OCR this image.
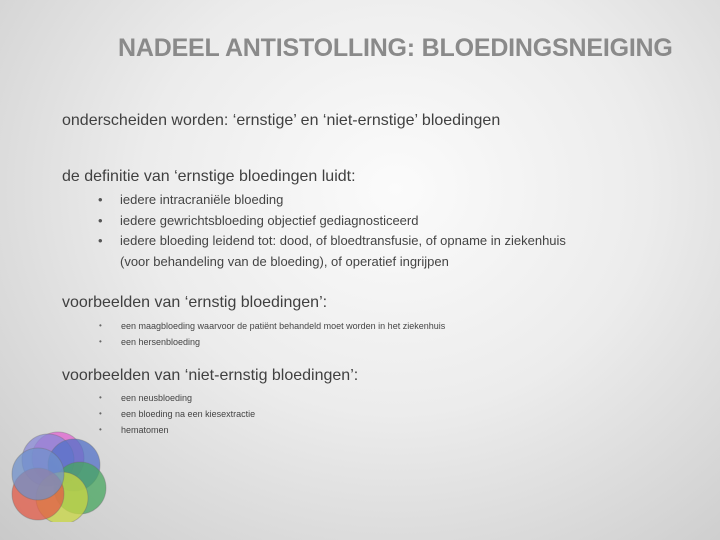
NADEEL ANTISTOLLING: BLOEDINGSNEIGING
onderscheiden worden: ‘ernstige’ en ‘niet-ernstige’ bloedingen
de definitie van ‘ernstige bloedingen luidt:
• iedere intracraniële bloeding
• iedere gewrichtsbloeding objectief gediagnosticeerd
• iedere bloeding leidend tot: dood, of bloedtransfusie, of opname in ziekenhuis
(voor behandeling van de bloeding), of operatief ingrijpen
voorbeelden van ‘ernstig bloedingen’:
• een maagbloeding waarvoor de patiënt behandeld moet worden in het ziekenhuis
• een hersenbloeding
voorbeelden van ‘niet-ernstig bloedingen’:
• een neusbloeding
• een bloeding na een kiesextractie
• hematomen
